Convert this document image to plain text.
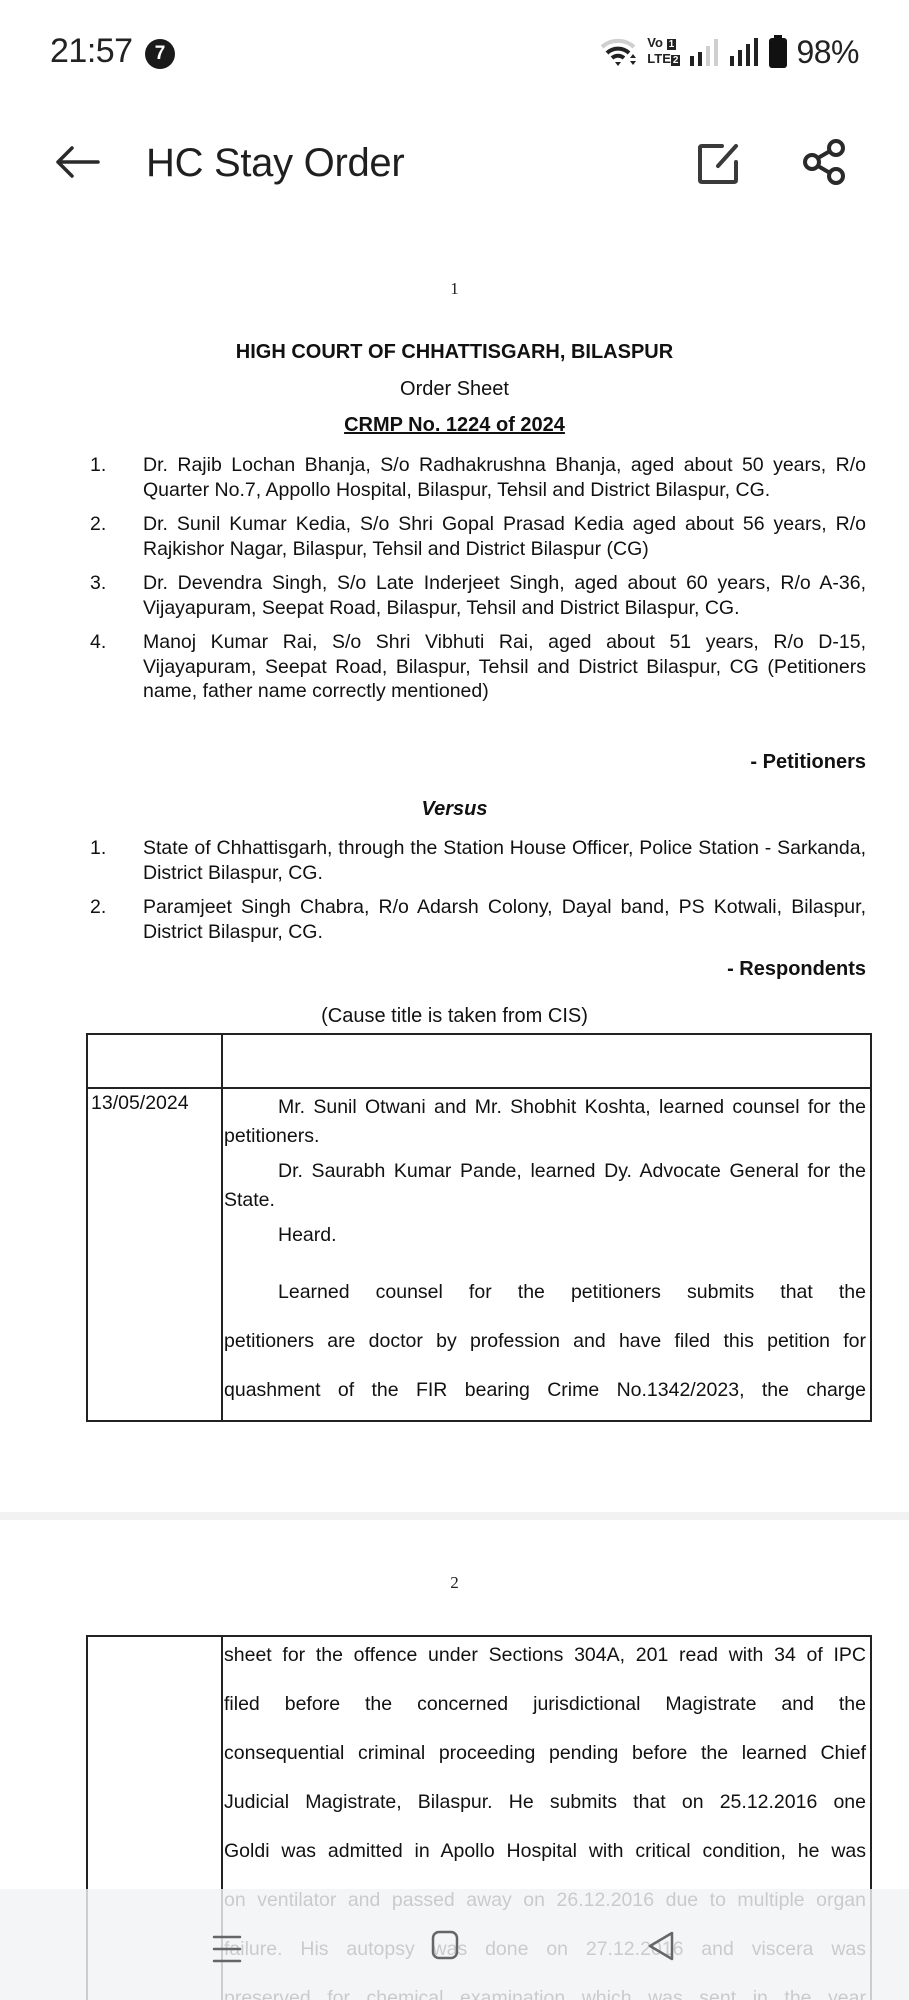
21:57	7
Vo 1
LTE 2	98%
HC Stay Order
1
HIGH COURT OF CHHATTISGARH, BILASPUR
Order Sheet
CRMP No. 1224 of 2024
1. Dr. Rajib Lochan Bhanja, S/o Radhakrushna Bhanja, aged about 50 years, R/o Quarter No.7, Appollo Hospital, Bilaspur, Tehsil and District Bilaspur, CG.
2. Dr. Sunil Kumar Kedia, S/o Shri Gopal Prasad Kedia aged about 56 years, R/o Rajkishor Nagar, Bilaspur, Tehsil and District Bilaspur (CG)
3. Dr. Devendra Singh, S/o Late Inderjeet Singh, aged about 60 years, R/o A-36, Vijayapuram, Seepat Road, Bilaspur, Tehsil and District Bilaspur, CG.
4. Manoj Kumar Rai, S/o Shri Vibhuti Rai, aged about 51 years, R/o D-15, Vijayapuram, Seepat Road, Bilaspur, Tehsil and District Bilaspur, CG (Petitioners name, father name correctly mentioned)
- Petitioners
Versus
1. State of Chhattisgarh, through the Station House Officer, Police Station - Sarkanda, District Bilaspur, CG.
2. Paramjeet Singh Chabra, R/o Adarsh Colony, Dayal band, PS Kotwali, Bilaspur, District Bilaspur, CG.
- Respondents
(Cause title is taken from CIS)
13/05/2024	Mr. Sunil Otwani and Mr. Shobhit Koshta, learned counsel for the petitioners.
Dr. Saurabh Kumar Pande, learned Dy. Advocate General for the State.
Heard.
Learned counsel for the petitioners submits that the
petitioners are doctor by profession and have filed this petition for
quashment of the FIR bearing Crime No.1342/2023, the charge
2
sheet for the offence under Sections 304A, 201 read with 34 of IPC
filed before the concerned jurisdictional Magistrate and the
consequential criminal proceeding pending before the learned Chief
Judicial Magistrate, Bilaspur. He submits that on 25.12.2016 one
Goldi was admitted in Apollo Hospital with critical condition, he was
